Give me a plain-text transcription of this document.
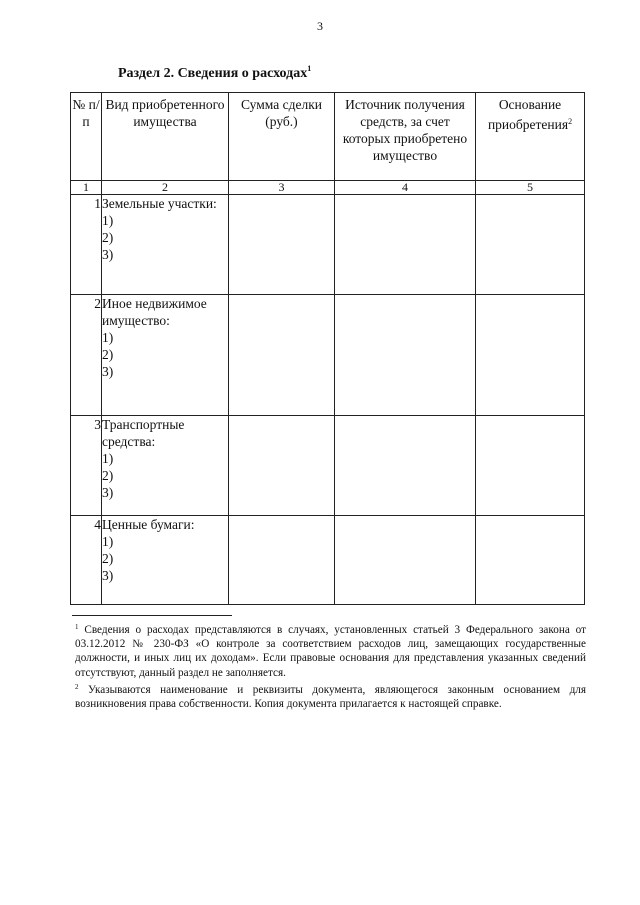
3
Раздел 2. Сведения о расходах$^1$
№ п/п	Вид приобретенного имущества	Сумма сделки (руб.)	Источник получения средств, за счет которых приобретено имущество	Основание приобретения$^2$
1	2	3	4	5
1	Земельные участки:
1)
2)
3)			

2	Иное недвижимое имущество:
1)
2)
3)			

3	Транспортные средства:
1)
2)
3)			

4	Ценные бумаги:
1)
2)
3)			

$^1$ Сведения о расходах представляются в случаях, установленных статьей 3 Федерального закона от 03.12.2012 № 230-ФЗ «О контроле за соответствием расходов лиц, замещающих государственные должности, и иных лиц их доходам». Если правовые основания для представления указанных сведений отсутствуют, данный раздел не заполняется.

$^2$ Указываются наименование и реквизиты документа, являющегося законным основанием для возникновения права собственности. Копия документа прилагается к настоящей справке.
